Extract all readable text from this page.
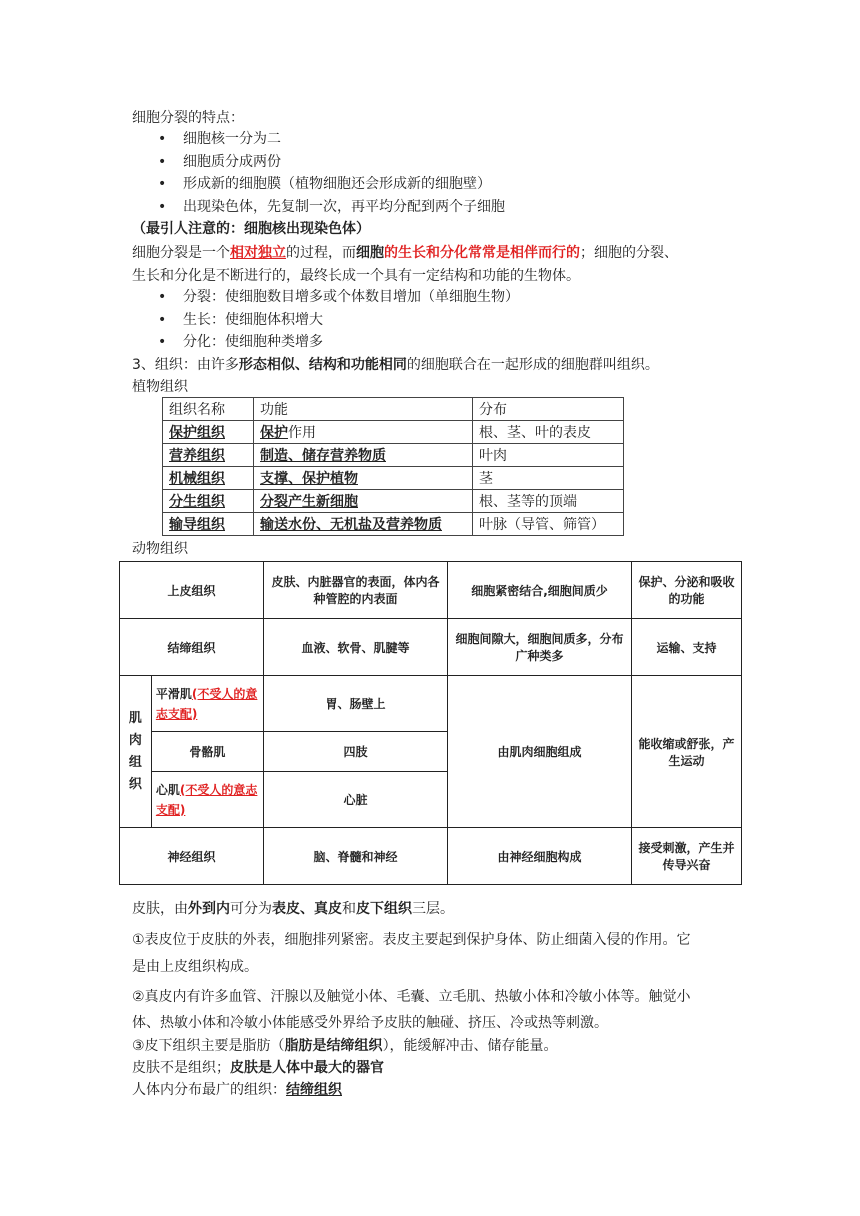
细胞分裂的特点：
细胞核一分为二
细胞质分成两份
形成新的细胞膜（植物细胞还会形成新的细胞壁）
出现染色体，先复制一次，再平均分配到两个子细胞
（最引人注意的：细胞核出现染色体）
细胞分裂是一个相对独立的过程，而细胞的生长和分化常常是相伴而行的；细胞的分裂、
生长和分化是不断进行的，最终长成一个具有一定结构和功能的生物体。
分裂：使细胞数目增多或个体数目增加（单细胞生物）
生长：使细胞体积增大
分化：使细胞种类增多
3、组织：由许多形态相似、结构和功能相同的细胞联合在一起形成的细胞群叫组织。
植物组织
组织名称	功能	分布
保护组织	保护作用	根、茎、叶的表皮
营养组织	制造、储存营养物质	叶肉
机械组织	支撑、保护植物	茎
分生组织	分裂产生新细胞	根、茎等的顶端
输导组织	输送水份、无机盐及营养物质	叶脉（导管、筛管）
动物组织
上皮组织		皮肤、内脏器官的表面，体内各种管腔的内表面	细胞紧密结合,细胞间质少	保护、分泌和吸收的功能
结缔组织		血液、软骨、肌腱等	细胞间隙大，细胞间质多，分布广种类多	运输、支持
肌肉组织	平滑肌(不受人的意志支配)	胃、肠壁上	由肌肉细胞组成	能收缩或舒张，产生运动
	骨骼肌	四肢		
	心肌(不受人的意志支配)	心脏		
神经组织		脑、脊髓和神经	由神经细胞构成	接受刺激，产生并传导兴奋
皮肤，由外到内可分为表皮、真皮和皮下组织三层。
①表皮位于皮肤的外表，细胞排列紧密。表皮主要起到保护身体、防止细菌入侵的作用。它
是由上皮组织构成。
②真皮内有许多血管、汗腺以及触觉小体、毛囊、立毛肌、热敏小体和冷敏小体等。触觉小
体、热敏小体和冷敏小体能感受外界给予皮肤的触碰、挤压、冷或热等刺激。
③皮下组织主要是脂肪（脂肪是结缔组织），能缓解冲击、储存能量。
皮肤不是组织；皮肤是人体中最大的器官
人体内分布最广的组织：结缔组织
